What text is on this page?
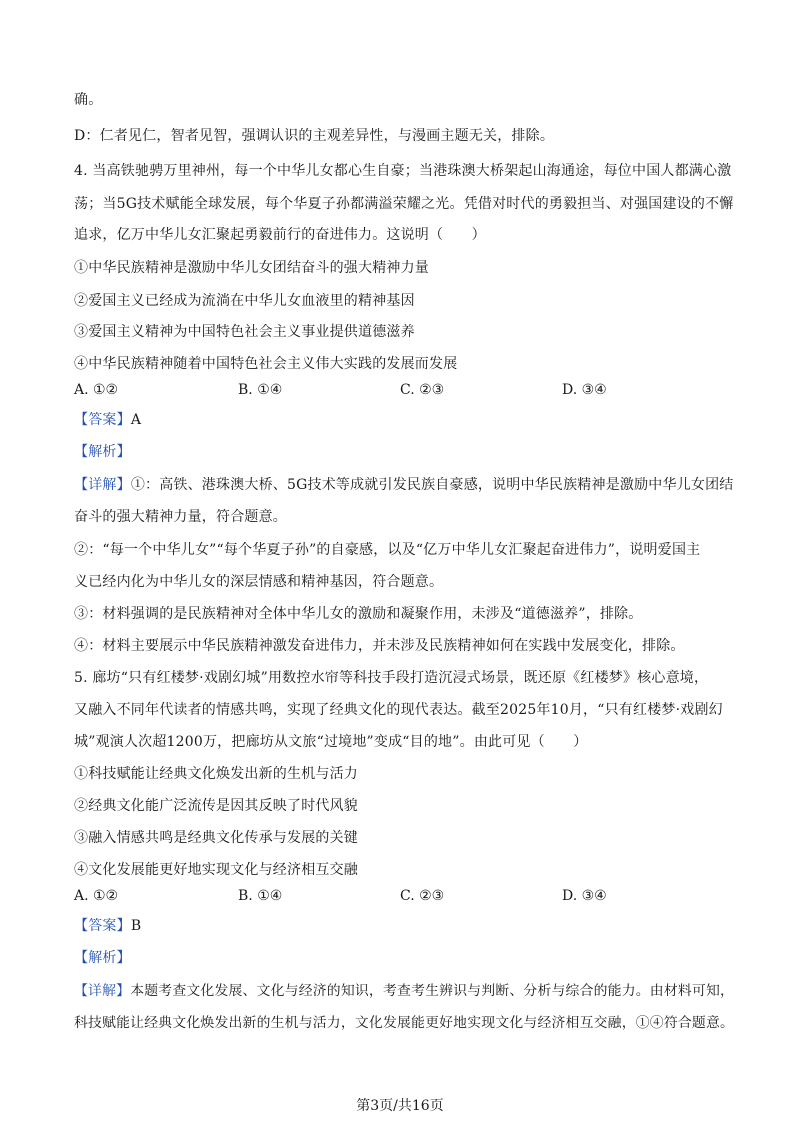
确。
D：仁者见仁，智者见智，强调认识的主观差异性，与漫画主题无关，排除。
4. 当高铁驰骋万里神州，每一个中华儿女都心生自豪；当港珠澳大桥架起山海通途，每位中国人都满心激
荡；当5G技术赋能全球发展，每个华夏子孙都满溢荣耀之光。凭借对时代的勇毅担当、对强国建设的不懈
追求，亿万中华儿女汇聚起勇毅前行的奋进伟力。这说明（　　）
①中华民族精神是激励中华儿女团结奋斗的强大精神力量
②爱国主义已经成为流淌在中华儿女血液里的精神基因
③爱国主义精神为中国特色社会主义事业提供道德滋养
④中华民族精神随着中国特色社会主义伟大实践的发展而发展
A. ①②	B. ①④	C. ②③	D. ③④
【答案】A
【解析】
【详解】①：高铁、港珠澳大桥、5G技术等成就引发民族自豪感，说明中华民族精神是激励中华儿女团结
奋斗的强大精神力量，符合题意。
②：“每一个中华儿女”“每个华夏子孙”的自豪感，以及“亿万中华儿女汇聚起奋进伟力”，说明爱国主
义已经内化为中华儿女的深层情感和精神基因，符合题意。
③：材料强调的是民族精神对全体中华儿女的激励和凝聚作用，未涉及“道德滋养”，排除。
④：材料主要展示中华民族精神激发奋进伟力，并未涉及民族精神如何在实践中发展变化，排除。
5. 廊坊“只有红楼梦·戏剧幻城”用数控水帘等科技手段打造沉浸式场景，既还原《红楼梦》核心意境，
又融入不同年代读者的情感共鸣，实现了经典文化的现代表达。截至2025年10月，“只有红楼梦·戏剧幻
城”观演人次超1200万，把廊坊从文旅“过境地”变成“目的地”。由此可见（　　）
①科技赋能让经典文化焕发出新的生机与活力
②经典文化能广泛流传是因其反映了时代风貌
③融入情感共鸣是经典文化传承与发展的关键
④文化发展能更好地实现文化与经济相互交融
A. ①②	B. ①④	C. ②③	D. ③④
【答案】B
【解析】
【详解】本题考查文化发展、文化与经济的知识，考查考生辨识与判断、分析与综合的能力。由材料可知，
科技赋能让经典文化焕发出新的生机与活力，文化发展能更好地实现文化与经济相互交融，①④符合题意。
第3页/共16页
